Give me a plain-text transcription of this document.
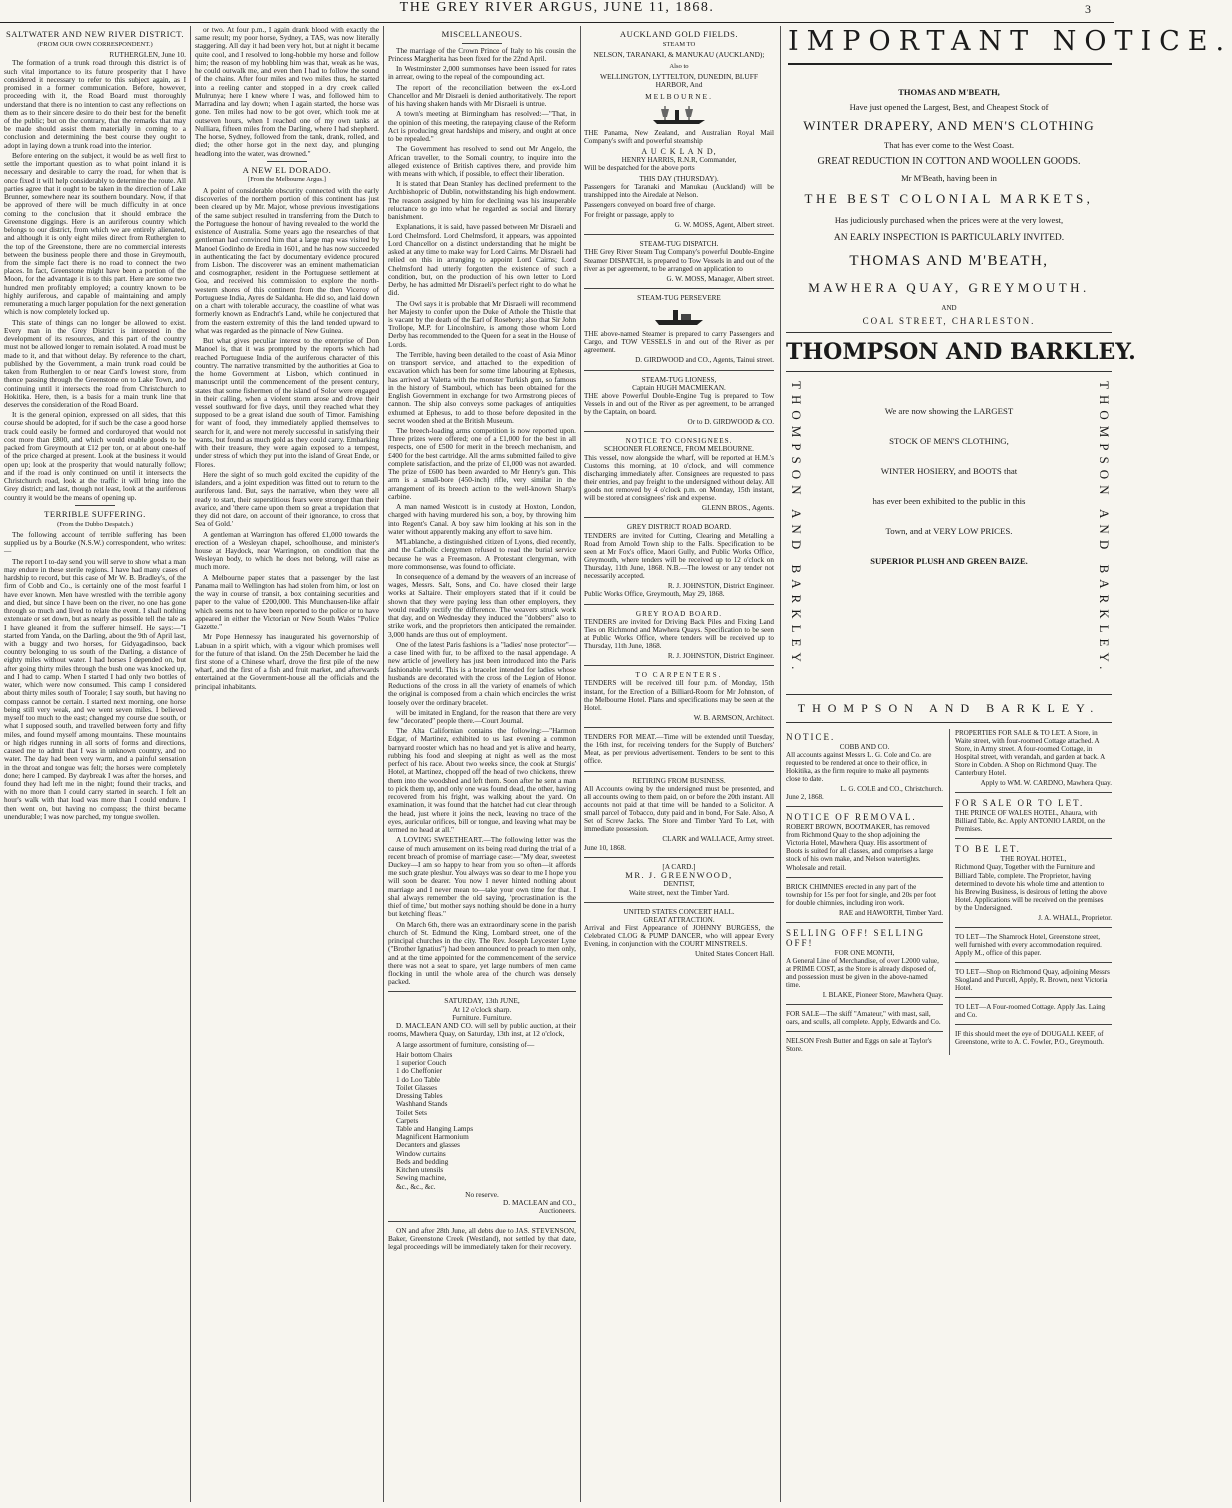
THE GREY RIVER ARGUS, JUNE 11, 1868.	3
SALTWATER AND NEW RIVER DISTRICT.
(FROM OUR OWN CORRESPONDENT.)
RUTHERGLEN, June 10.

The formation of a trunk road through this district is of such vital importance to its future prosperity that I have considered it necessary to refer to this subject again, as I promised in a former communication. Before, however, proceeding with it, the Road Board must thoroughly understand that there is no intention to cast any reflections on them as to their sincere desire to do their best for the benefit of the public; but on the contrary, that the remarks that may be made should assist them materially in coming to a conclusion and determining the best course they ought to adopt in laying down a trunk road into the interior.

Before entering on the subject, it would be as well first to settle the important question as to what point inland it is necessary and desirable to carry the road, for when that is once fixed it will help considerably to determine the route. All parties agree that it ought to be taken in the direction of Lake Brunner, somewhere near its southern boundary. Now, if that be approved of there will be much difficulty in at once coming to the conclusion that it should embrace the Greenstone diggings. Here is an auriferous country which belongs to our district, from which we are entirely alienated, and although it is only eight miles direct from Rutherglen to the top of the Greenstone, there are no commercial interests between the business people there and those in Greymouth, from the simple fact there is no road to connect the two places. In fact, Greenstone might have been a portion of the Moon, for the advantage it is to this part. Here are some two hundred men profitably employed; a country known to be highly auriferous, and capable of maintaining and amply remunerating a much larger population for the next generation which is now completely locked up.

This state of things can no longer be allowed to exist. Every man in the Grey District is interested in the development of its resources, and this part of the country must not be allowed longer to remain isolated. A road must be made to it, and that without delay. By reference to the chart, published by the Government, a main trunk road could be taken from Rutherglen to or near Card's lowest store, from thence passing through the Greenstone on to Lake Town, and continuing until it intersects the road from Christchurch to Hokitika. Here, then, is a basis for a main trunk line that deserves the consideration of the Road Board.

It is the general opinion, expressed on all sides, that this course should be adopted, for if such be the case a good horse track could easily be formed and corduroyed that would not cost more than £800, and which would enable goods to be packed from Greymouth at £12 per ton, or at about one-half of the price charged at present. Look at the business it would open up; look at the prosperity that would naturally follow; and if the road is only continued on until it intersects the Christchurch road, look at the traffic it will bring into the Grey district; and last, though not least, look at the auriferous country it would be the means of opening up.

TERRIBLE SUFFERING.
(From the Dubbo Despatch.)

The following account of terrible suffering has been supplied us by a Bourke (N.S.W.) correspondent, who writes:—

The report I to-day send you will serve to show what a man may endure in these sterile regions. I have had many cases of hardship to record, but this case of Mr W. B. Bradley's, of the firm of Cobb and Co., is certainly one of the most fearful I have ever known. Men have wrestled with the terrible agony and died, but since I have been on the river, no one has gone through so much and lived to relate the event. I shall nothing extenuate or set down, but as nearly as possible tell the tale as I have gleaned it from the sufferer himself. He says:—"I started from Yanda, on the Darling, about the 9th of April last, with a buggy and two horses, for Gidyagadinsoo, back country belonging to us south of the Darling, a distance of eighty miles without water. I had horses I depended on, but after going thirty miles through the bush one was knocked up, and I had to camp. When I started I had only two bottles of water, which were now consumed. This camp I considered about thirty miles south of Toorale; I say south, but having no compass cannot be certain. I started next morning, one horse being still very weak, and we went seven miles. I believed myself too much to the east; changed my course due south, or what I supposed south, and travelled between forty and fifty miles, and found myself among mountains. These mountains or high ridges running in all sorts of forms and directions, caused me to admit that I was in unknown country, and no water. The day had been very warm, and a painful sensation in the throat and tongue was felt; the horses were completely done; here I camped. By daybreak I was after the horses, and found they had left me in the night; found their tracks, and with no more than I could carry started in search. I felt an hour's walk with that load was more than I could endure. I then went on, but having no compass; the thirst became unendurable; I was now parched, my tongue swollen.

or two. At four p.m., I again drank blood with exactly the same result; my poor horse, Sydney, a TAS, was now literally staggering. All day it had been very hot, but at night it became quite cool, and I resolved to long-hobble my horse and follow him; the reason of my hobbling him was that, weak as he was, he could outwalk me, and even then I had to follow the sound of the chains. After four miles and two miles thus, he started into a reeling canter and stopped in a dry creek called Mulrunya; here I knew where I was, and followed him to Marradina and lay down; when I again started, the horse was gone. Ten miles had now to be got over, which took me at outseven hours, when I reached one of my own tanks at Nulliara, fifteen miles from the Darling, where I had shepherd. The horse, Sydney, followed from the tank, drank, rolled, and died; the other horse got in the next day, and plunging headlong into the water, was drowned."

A NEW EL DORADO.
[From the Melbourne Argus.]

A point of considerable obscurity connected with the early discoveries of the northern portion of this continent has just been cleared up by Mr. Major, whose previous investigations of the same subject resulted in transferring from the Dutch to the Portuguese the honour of having revealed to the world the existence of Australia. Some years ago the researches of that gentleman had convinced him that a large map was visited by Manoel Godinho de Eredia in 1601, and he has now succeeded in authenticating the fact by documentary evidence procured from Lisbon. The discoverer was an eminent mathematician and cosmographer, resident in the Portuguese settlement at Goa, and received his commission to explore the north-western shores of this continent from the then Viceroy of Portuguese India, Ayres de Saldanha. He did so, and laid down on a chart with tolerable accuracy, the coastline of what was formerly known as Endracht's Land, while he conjectured that from the eastern extremity of this the land tended upward to what was regarded as the pinnacle of New Guinea.

But what gives peculiar interest to the enterprise of Don Manoel is, that it was prompted by the reports which had reached Portuguese India of the auriferous character of this country. The narrative transmitted by the authorities at Goa to the home Government at Lisbon, which continued in manuscript until the commencement of the present century, states that some fishermen of the island of Solor were engaged in their calling, when a violent storm arose and drove their vessel southward for five days, until they reached what they supposed to be a great island due south of Timor. Famishing for want of food, they immediately applied themselves to search for it, and were not merely successful in satisfying their wants, but found as much gold as they could carry. Embarking with their treasure, they were again exposed to a tempest, under stress of which they put into the island of Great Ende, or Flores.

Here the sight of so much gold excited the cupidity of the islanders, and a joint expedition was fitted out to return to the auriferous land. But, says the narrative, when they were all ready to start, their superstitious fears were stronger than their avarice, and 'there came upon them so great a trepidation that they did not dare, on account of their ignorance, to cross that Sea of Gold.'

A gentleman at Warrington has offered £1,000 towards the erection of a Wesleyan chapel, schoolhouse, and minister's house at Haydock, near Warrington, on condition that the Wesleyan body, to which he does not belong, will raise as much more.

A Melbourne paper states that a passenger by the last Panama mail to Wellington has had stolen from him, or lost on the way in course of transit, a box containing securities and paper to the value of £200,000. This Munchausen-like affair which seems not to have been reported to the police or to have appeared in either the Victorian or New South Wales "Police Gazette."

Mr Pope Hennessy has inaugurated his governorship of Labuan in a spirit which, with a vigour which promises well for the future of that island. On the 25th December he laid the first stone of a Chinese wharf, drove the first pile of the new wharf, and the first of a fish and fruit market, and afterwards entertained at the Government-house all the officials and the principal inhabitants.

MISCELLANEOUS.

The marriage of the Crown Prince of Italy to his cousin the Princess Margherita has been fixed for the 22nd April.

In Westminster 2,000 summonses have been issued for rates in arrear, owing to the repeal of the compounding act.

The report of the reconciliation between the ex-Lord Chancellor and Mr Disraeli is denied authoritatively. The report of his having shaken hands with Mr Disraeli is untrue.

A town's meeting at Birmingham has resolved:—"That, in the opinion of this meeting, the ratepaying clause of the Reform Act is producing great hardships and misery, and ought at once to be repealed."

The Government has resolved to send out Mr Angelo, the African traveller, to the Somali country, to inquire into the alleged existence of British captives there, and provide him with means with which, if possible, to effect their liberation.

It is stated that Dean Stanley has declined preferment to the Archbishopric of Dublin, notwithstanding his high endowment. The reason assigned by him for declining was his insuperable reluctance to go into what he regarded as social and literary banishment.

Explanations, it is said, have passed between Mr Disraeli and Lord Chelmsford. Lord Chelmsford, it appears, was appointed Lord Chancellor on a distinct understanding that he might be asked at any time to make way for Lord Cairns. Mr Disraeli had relied on this in arranging to appoint Lord Cairns; Lord Chelmsford had utterly forgotten the existence of such a condition, but, on the production of his own letter to Lord Derby, he has admitted Mr Disraeli's perfect right to do what he did.

The Owl says it is probable that Mr Disraeli will recommend her Majesty to confer upon the Duke of Athole the Thistle that is vacant by the death of the Earl of Rosebery; also that Sir John Trollope, M.P. for Lincolnshire, is among those whom Lord Derby has recommended to the Queen for a seat in the House of Lords.

The Terrible, having been detailed to the coast of Asia Minor on transport service, and attached to the expedition of excavation which has been for some time labouring at Ephesus, has arrived at Valetta with the monster Turkish gun, so famous in the history of Stamboul, which has been obtained for the English Government in exchange for two Armstrong pieces of cannon. The ship also conveys some packages of antiquities exhumed at Ephesus, to add to those before deposited in the secret wooden shed at the British Museum.

The breech-loading arms competition is now reported upon. Three prizes were offered; one of a £1,000 for the best in all respects, one of £500 for merit in the breech mechanism, and £400 for the best cartridge. All the arms submitted failed to give complete satisfaction, and the prize of £1,000 was not awarded. The prize of £600 has been awarded to Mr Henry's gun. This arm is a small-bore (450-inch) rifle, very similar in the arrangement of its breech action to the well-known Sharp's carbine.

A man named Westcott is in custody at Hoxton, London, charged with having murdered his son, a boy, by throwing him into Regent's Canal. A boy saw him looking at his son in the water without apparently making any effort to save him.

M'Lablanche, a distinguished citizen of Lyons, died recently, and the Catholic clergymen refused to read the burial service because he was a Freemason. A Protestant clergyman, with more commonsense, was found to officiate.

In consequence of a demand by the weavers of an increase of wages, Messrs. Salt, Sons, and Co. have closed their large works at Saltaire. Their employers stated that if it could be shown that they were paying less than other employers, they would readily rectify the difference. The weavers struck work that day, and on Wednesday they induced the "dobbers" also to strike work, and the proprietors then anticipated the remainder. 3,000 hands are thus out of employment.

One of the latest Paris fashions is a "ladies' nose protector"—a case lined with fur, to be affixed to the nasal appendage. A new article of jewellery has just been introduced into the Paris fashionable world. This is a bracelet intended for ladies whose husbands are decorated with the cross of the Legion of Honor. Reductions of the cross in all the variety of enamels of which the original is composed from a chain which encircles the wrist loosely over the ordinary bracelet.

will be imitated in England, for the reason that there are very few "decorated" people there.—Court Journal.

The Alta Californian contains the following:—"Harmon Edgar, of Martinez, exhibited to us last evening a common barnyard rooster which has no head and yet is alive and hearty, rubbing his food and sleeping at night as well as the most perfect of his race. About two weeks since, the cook at Sturgis' Hotel, at Martinez, chopped off the head of two chickens, threw them into the woodshed and left them. Soon after he sent a man to pick them up, and only one was found dead, the other, having recovered from his fright, was walking about the yard. On examination, it was found that the hatchet had cut clear through the head, just where it joins the neck, leaving no trace of the eyes, auricular orifices, bill or tongue, and leaving what may be termed no head at all."

A LOVING SWEETHEART.—The following letter was the cause of much amusement on its being read during the trial of a recent breach of promise of marriage case:—"My dear, sweetest Duckey—I am so happy to hear from you so often—it affords me such grate pleshur. You always was so dear to me I hope you will soon be dearer. You now I never hinted nothing about marriage and I never mean to—take your own time for that. I shal always remember the old saying, 'procrastination is the thief of time,' but mother says nothing should be done in a hurry but ketching' fleas."

On March 6th, there was an extraordinary scene in the parish church of St. Edmund the King, Lombard street, one of the principal churches in the city. The Rev. Joseph Leycester Lyne ("Brother Ignatius") had been announced to preach to men only, and at the time appointed for the commencement of the service there was not a seat to spare, yet large numbers of men came flocking in until the whole area of the church was densely packed.

SATURDAY, 13th JUNE,
At 12 o'clock sharp.
Furniture. Furniture.

D. MACLEAN AND CO. will sell by public auction, at their rooms, Mawhera Quay, on Saturday, 13th inst, at 12 o'clock,

A large assortment of furniture, consisting of—

Hair bottom Chairs

1 superior Couch

1 do Cheffonier

1 do Loo Table

Toilet Glasses

Dressing Tables

Washhand Stands

Toilet Sets

Carpets

Table and Hanging Lamps

Magnificent Harmonium

Decanters and glasses

Window curtains

Beds and bedding

Kitchen utensils

Sewing machine,

&c., &c., &c.

No reserve.
D. MACLEAN and CO.,
Auctioneers.

ON and after 28th June, all debts due to JAS. STEVENSON, Baker, Greenstone Creek (Westland), not settled by that date, legal proceedings will be immediately taken for their recovery.

IMPORTANT NOTICE.
THOMAS AND M'BEATH,
Have just opened the Largest, Best, and Cheapest Stock of
WINTER DRAPERY, AND MEN'S CLOTHING
That has ever come to the West Coast.
GREAT REDUCTION IN COTTON AND WOOLLEN GOODS.
Mr M'Beath, having been in
THE BEST COLONIAL MARKETS,
Has judiciously purchased when the prices were at the very lowest,
AN EARLY INSPECTION IS PARTICULARLY INVITED.
THOMAS AND M'BEATH,
MAWHERA QUAY, GREYMOUTH.
AND
COAL STREET, CHARLESTON.
THOMPSON AND BARKLEY.
THOMPSON AND BARKLEY.	THOMPSON AND BARKLEY.
We are now showing the LARGEST
STOCK OF MEN'S CLOTHING,
WINTER HOSIERY, and BOOTS that
has ever been exhibited to the public in this
Town, and at VERY LOW PRICES.
SUPERIOR PLUSH AND GREEN BAIZE.
THOMPSON AND BARKLEY.
NOTICE.
COBB AND CO.
All accounts against Messrs L. G. Cole and Co. are requested to be rendered at once to their office, in Hokitika, as the firm require to make all payments close to date.
L. G. COLE and CO., Christchurch.
June 2, 1868.
NOTICE OF REMOVAL.
ROBERT BROWN, BOOTMAKER, has removed from Richmond Quay to the shop adjoining the Victoria Hotel, Mawhera Quay. His assortment of Boots is suited for all classes, and comprises a large stock of his own make, and Nelson watertights. Wholesale and retail.
BRICK CHIMNIES erected in any part of the township for 15s per foot for single, and 20s per foot for double chimnies, including iron work.
RAE and HAWORTH, Timber Yard.
SELLING OFF! SELLING OFF!
FOR ONE MONTH,
A General Line of Merchandise, of over L2000 value, at PRIME COST, as the Store is already disposed of, and possession must be given in the above-named time.
I. BLAKE, Pioneer Store, Mawhera Quay.
FOR SALE—The skiff "Amateur," with mast, sail, oars, and sculls, all complete. Apply, Edwards and Co.
NELSON Fresh Butter and Eggs on sale at Taylor's Store.
PROPERTIES FOR SALE & TO LET. A Store, in Waite street, with four-roomed Cottage attached. A Store, in Army street. A four-roomed Cottage, in Hospital street, with verandah, and garden at back. A Store in Cobden. A Shop on Richmond Quay. The Canterbury Hotel.
Apply to WM. W. CARDNO, Mawhera Quay.
FOR SALE OR TO LET.
THE PRINCE OF WALES HOTEL, Ahaura, with Billiard Table, &c. Apply ANTONIO LARDI, on the Premises.
TO BE LET.
THE ROYAL HOTEL,
Richmond Quay, Together with the Furniture and Billiard Table, complete. The Proprietor, having determined to devote his whole time and attention to his Brewing Business, is desirous of letting the above Hotel. Applications will be received on the premises by the Undersigned.
J. A. WHALL, Proprietor.
TO LET—The Shamrock Hotel, Greenstone street, well furnished with every accommodation required. Apply M., office of this paper.
TO LET—Shop on Richmond Quay, adjoining Messrs Skogland and Purcell, Apply, R. Brown, next Victoria Hotel.
TO LET—A Four-roomed Cottage. Apply Jas. Laing and Co.
IF this should meet the eye of DOUGALL KEEF, of Greenstone, write to A. C. Fowler, P.O., Greymouth.
AUCKLAND GOLD FIELDS.
STEAM TO
NELSON, TARANAKI, & MANUKAU (AUCKLAND);
Also to
WELLINGTON, LYTTELTON, DUNEDIN, BLUFF HARBOR, And
MELBOURNE.
THE Panama, New Zealand, and Australian Royal Mail Company's swift and powerful steamship
A U C K L A N D,
HENRY HARRIS, R.N.R, Commander,
Will be despatched for the above ports
THIS DAY (THURSDAY).
Passengers for Taranaki and Manukau (Auckland) will be transhipped into the Airedale at Nelson.
Passengers conveyed on board free of charge.
For freight or passage, apply to
G. W. MOSS, Agent, Albert street.
STEAM-TUG DISPATCH.
THE Grey River Steam Tug Company's powerful Double-Engine Steamer DISPATCH, is prepared to Tow Vessels in and out of the river as per agreement, to be arranged on application to
G. W. MOSS, Manager, Albert street.
STEAM-TUG PERSEVERE
THE above-named Steamer is prepared to carry Passengers and Cargo, and TOW VESSELS in and out of the River as per agreement.
D. GIRDWOOD and CO., Agents, Tainui street.
STEAM-TUG LIONESS,
Captain HUGH MACMIEKAN.
THE above Powerful Double-Engine Tug is prepared to Tow Vessels in and out of the River as per agreement, to be arranged by the Captain, on board.
Or to D. GIRDWOOD & CO.
NOTICE TO CONSIGNEES.
SCHOONER FLORENCE, FROM MELBOURNE.
This vessel, now alongside the wharf, will be reported at H.M.'s Customs this morning, at 10 o'clock, and will commence discharging immediately after. Consignees are requested to pass their entries, and pay freight to the undersigned without delay. All goods not removed by 4 o'clock p.m. on Monday, 15th instant, will be stored at consignees' risk and expense.
GLENN BROS., Agents.
GREY DISTRICT ROAD BOARD.
TENDERS are invited for Cutting, Clearing and Metalling a Road from Arnold Town ship to the Falls. Specification to be seen at Mr Fox's office, Maori Gully, and Public Works Office, Greymouth, where tenders will be received up to 12 o'clock on Thursday, 11th June, 1868. N.B.—The lowest or any tender not necessarily accepted.
R. J. JOHNSTON, District Engineer.
Public Works Office, Greymouth, May 29, 1868.
GREY ROAD BOARD.
TENDERS are invited for Driving Back Piles and Fixing Land Ties on Richmond and Mawhera Quays. Specification to be seen at Public Works Office, where tenders will be received up to Thursday, 11th June, 1868.
R. J. JOHNSTON, District Engineer.
TO CARPENTERS.
TENDERS will be received till four p.m. of Monday, 15th instant, for the Erection of a Billiard-Room for Mr Johnston, of the Melbourne Hotel. Plans and specifications may be seen at the Hotel.
W. B. ARMSON, Architect.
TENDERS FOR MEAT.—Time will be extended until Tuesday, the 16th inst, for receiving tenders for the Supply of Butchers' Meat, as per previous advertisement. Tenders to be sent to this office.
RETIRING FROM BUSINESS.
All Accounts owing by the undersigned must be presented, and all accounts owing to them paid, on or before the 20th instant. All accounts not paid at that time will be handed to a Solicitor. A small parcel of Tobacco, duty paid and in bond, For Sale. Also, A Set of Screw Jacks. The Store and Timber Yard To Let, with immediate possession.
CLARK and WALLACE, Army street.
June 10, 1868.
[A CARD.]
MR. J. GREENWOOD,
DENTIST,
Waite street, next the Timber Yard.
UNITED STATES CONCERT HALL.
GREAT ATTRACTION.
Arrival and First Appearance of JOHNNY BURGESS, the Celebrated CLOG & PUMP DANCER, who will appear Every Evening, in conjunction with the COURT MINSTRELS.
United States Concert Hall.
